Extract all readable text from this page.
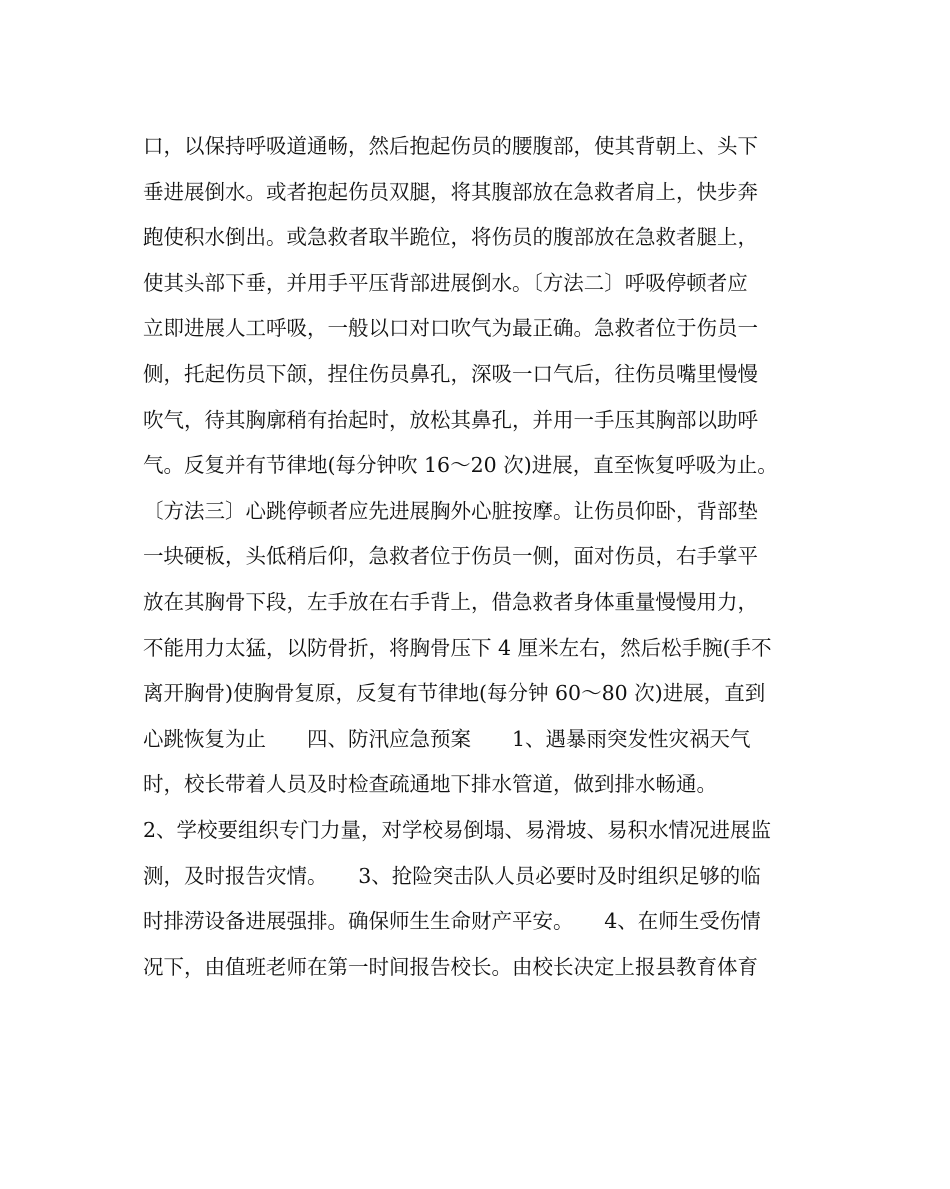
口，以保持呼吸道通畅，然后抱起伤员的腰腹部，使其背朝上、头下
垂进展倒水。或者抱起伤员双腿，将其腹部放在急救者肩上，快步奔
跑使积水倒出。或急救者取半跪位，将伤员的腹部放在急救者腿上，
使其头部下垂，并用手平压背部进展倒水。〔方法二〕呼吸停顿者应
立即进展人工呼吸，一般以口对口吹气为最正确。急救者位于伤员一
侧，托起伤员下颌，捏住伤员鼻孔，深吸一口气后，往伤员嘴里慢慢
吹气，待其胸廓稍有抬起时，放松其鼻孔，并用一手压其胸部以助呼
气。反复并有节律地(每分钟吹 16～20 次)进展，直至恢复呼吸为止。
〔方法三〕心跳停顿者应先进展胸外心脏按摩。让伤员仰卧，背部垫
一块硬板，头低稍后仰，急救者位于伤员一侧，面对伤员，右手掌平
放在其胸骨下段，左手放在右手背上，借急救者身体重量慢慢用力，
不能用力太猛，以防骨折，将胸骨压下 4 厘米左右，然后松手腕(手不
离开胸骨)使胸骨复原，反复有节律地(每分钟 60～80 次)进展，直到
心跳恢复为止　　四、防汛应急预案　　1、遇暴雨突发性灾祸天气
时，校长带着人员及时检查疏通地下排水管道，做到排水畅通。
2、学校要组织专门力量，对学校易倒塌、易滑坡、易积水情况进展监
测，及时报告灾情。　　3、抢险突击队人员必要时及时组织足够的临
时排涝设备进展强排。确保师生生命财产平安。　　4、在师生受伤情
况下，由值班老师在第一时间报告校长。由校长决定上报县教育体育
